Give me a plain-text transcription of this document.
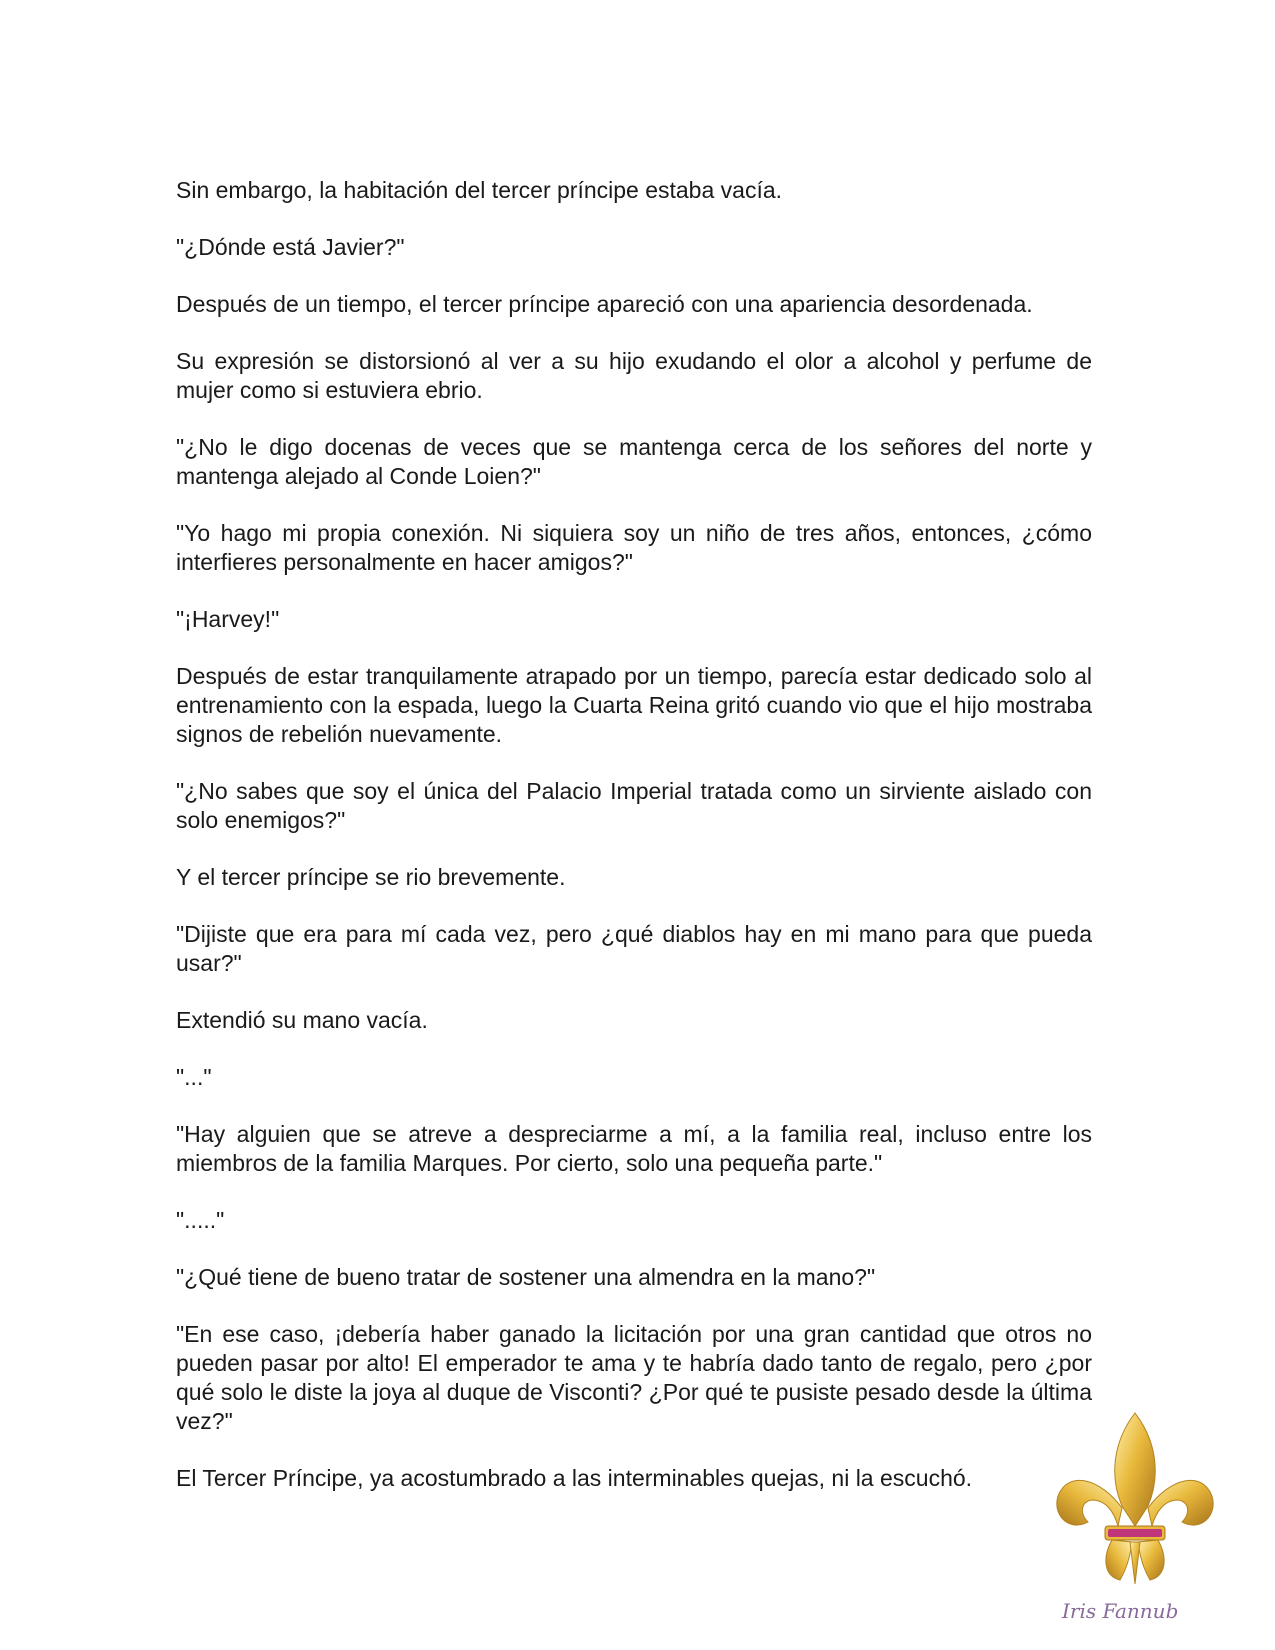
Sin embargo, la habitación del tercer príncipe estaba vacía.

"¿Dónde está Javier?"

Después de un tiempo, el tercer príncipe apareció con una apariencia desordenada.

Su expresión se distorsionó al ver a su hijo exudando el olor a alcohol y perfume de mujer como si estuviera ebrio.

"¿No le digo docenas de veces que se mantenga cerca de los señores del norte y mantenga alejado al Conde Loien?"

"Yo hago mi propia conexión. Ni siquiera soy un niño de tres años, entonces, ¿cómo interfieres personalmente en hacer amigos?"

"¡Harvey!"

Después de estar tranquilamente atrapado por un tiempo, parecía estar dedicado solo al entrenamiento con la espada, luego la Cuarta Reina gritó cuando vio que el hijo mostraba signos de rebelión nuevamente.

"¿No sabes que soy el única del Palacio Imperial tratada como un sirviente aislado con solo enemigos?"

Y el tercer príncipe se rio brevemente.

"Dijiste que era para mí cada vez, pero ¿qué diablos hay en mi mano para que pueda usar?"

Extendió su mano vacía.

"..."

"Hay alguien que se atreve a despreciarme a mí, a la familia real, incluso entre los miembros de la familia Marques. Por cierto, solo una pequeña parte."

"....."

"¿Qué tiene de bueno tratar de sostener una almendra en la mano?"

"En ese caso, ¡debería haber ganado la licitación por una gran cantidad que otros no pueden pasar por alto! El emperador te ama y te habría dado tanto de regalo, pero ¿por qué solo le diste la joya al duque de Visconti? ¿Por qué te pusiste pesado desde la última vez?"

El Tercer Príncipe, ya acostumbrado a las interminables quejas, ni la escuchó.

Iris Fannub
